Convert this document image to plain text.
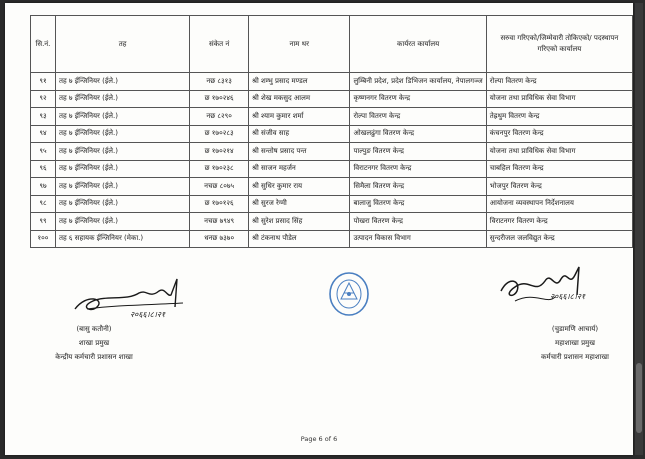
सि.नं.	तह	संकेत नं	नाम थर	कार्यरत कार्यालय	सरुवा गरिएको/जिम्मेवारी तोकिएको/ पदस्थापन गरिएको कार्यालय
९१	तह ७ ईन्जिनियर (ईले.)	नछ ८३१३	श्री शम्भु प्रसाद मण्डल	लुम्बिनी प्रदेश, प्रदेश डिभिजन कार्यालय, नेपालगञ्ज	रोल्पा वितरण केन्द्र
९२	तह ७ ईन्जिनियर (ईले.)	छ १७०२४६	श्री शेख मकसुद आलम	कृष्णनगर वितरण केन्द्र	योजना तथा प्राविधिक सेवा विभाग
९३	तह ७ ईन्जिनियर (ईले.)	नछ ८२९०	श्री श्याम कुमार शर्मा	रोल्पा वितरण केन्द्र	तेह्रथुम वितरण केन्द्र
९४	तह ७ ईन्जिनियर (ईले.)	छ १७०२८३	श्री संजीव साह	ओखलढुंगा वितरण केन्द्र	कंचनपुर वितरण केन्द्र
९५	तह ७ ईन्जिनियर (ईले.)	छ १७०२१४	श्री सन्तोष प्रसाद पन्त	पाल्पुङ वितरण केन्द्र	योजना तथा प्राविधिक सेवा विभाग
९६	तह ७ ईन्जिनियर (ईले.)	छ १७०२३८	श्री साजन महर्जन	विराटनगर वितरण केन्द्र	चाबहिल वितरण केन्द्र
९७	तह ७ ईन्जिनियर (ईले.)	नचछ ८०७५	श्री सुधिर कुमार राय	सिमैला वितरण केन्द्र	भोजपुर वितरण केन्द्र
९८	तह ७ ईन्जिनियर (ईले.)	छ १७०१२६	श्री सुरज रेग्मी	बालाजु वितरण केन्द्र	आयोजना व्यवस्थापन निर्देशनालय
९९	तह ७ ईन्जिनियर (ईले.)	नचछ ७९४९	श्री सुरेश प्रसाद सिंह	पोखरा वितरण केन्द्र	विराटनगर वितरण केन्द्र
१००	तह ६ सहायक ईन्जिनियर (मेका.)	धनछ ७३७०	श्री टंकनाथ पौडेल	उत्पादन विकास विभाग	सुन्दरीजल जलविद्युत केन्द्र
२०६६।८।२१
(बासु कतौनी)
शाखा प्रमुख
केन्द्रीय कर्मचारी प्रशासन शाखा
२०६६।८।२१
(चुडामणि आचार्य)
महाशाखा प्रमुख
कर्मचारी प्रशासन महाशाखा
Page 6 of 6
